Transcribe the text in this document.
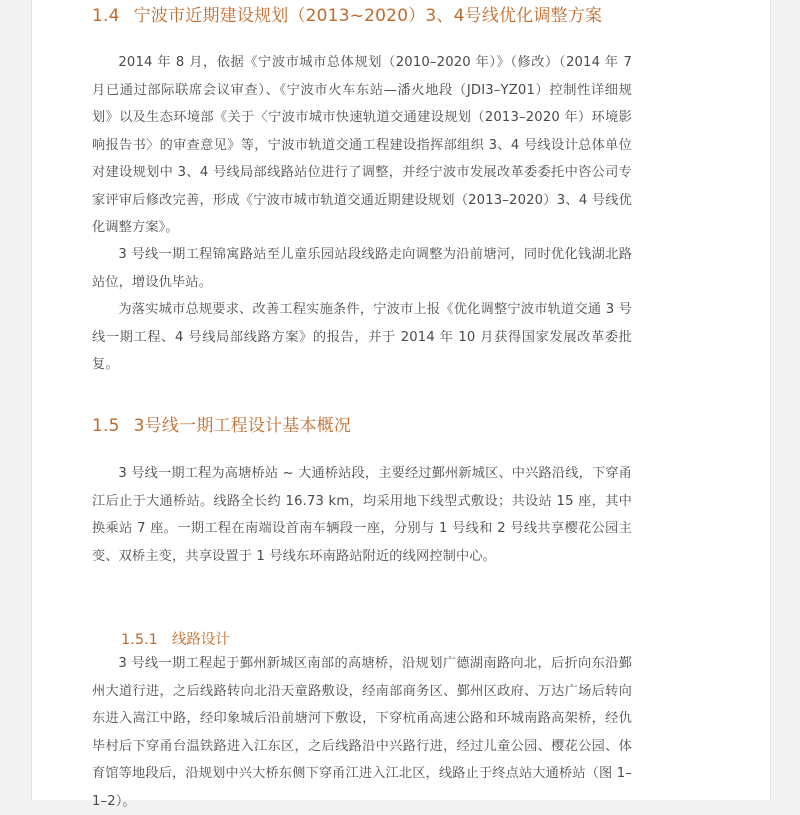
1.4 宁波市近期建设规划（2013~2020）3、4号线优化调整方案

2014 年 8 月，依据《宁波市城市总体规划（2010–2020 年）》（修改）（2014 年 7 月已通过部际联席会议审查）、《宁波市火车东站—潘火地段（JDI3–YZ01）控制性详细规划》以及生态环境部《关于〈宁波市城市快速轨道交通建设规划（2013–2020 年）环境影响报告书〉的审查意见》等，宁波市轨道交通工程建设指挥部组织 3、4 号线设计总体单位对建设规划中 3、4 号线局部线路站位进行了调整，并经宁波市发展改革委委托中咨公司专家评审后修改完善，形成《宁波市城市轨道交通近期建设规划（2013–2020）3、4 号线优化调整方案》。

3 号线一期工程锦寓路站至儿童乐园站段线路走向调整为沿前塘河，同时优化钱湖北路站位，增设仇毕站。

为落实城市总规要求、改善工程实施条件，宁波市上报《优化调整宁波市轨道交通 3 号线一期工程、4 号线局部线路方案》的报告，并于 2014 年 10 月获得国家发展改革委批复。

1.5 3号线一期工程设计基本概况

3 号线一期工程为高塘桥站 ~ 大通桥站段，主要经过鄞州新城区、中兴路沿线，下穿甬江后止于大通桥站。线路全长约 16.73 km，均采用地下线型式敷设；共设站 15 座，其中换乘站 7 座。一期工程在南端设首南车辆段一座，分别与 1 号线和 2 号线共享樱花公园主变、双桥主变，共享设置于 1 号线东环南路站附近的线网控制中心。

1.5.1 线路设计

3 号线一期工程起于鄞州新城区南部的高塘桥，沿规划广德湖南路向北，后折向东沿鄞州大道行进，之后线路转向北沿天童路敷设，经南部商务区、鄞州区政府、万达广场后转向东进入嵩江中路，经印象城后沿前塘河下敷设，下穿杭甬高速公路和环城南路高架桥，经仇毕村后下穿甬台温铁路进入江东区，之后线路沿中兴路行进，经过儿童公园、樱花公园、体育馆等地段后，沿规划中兴大桥东侧下穿甬江进入江北区，线路止于终点站大通桥站（图 1–1–2）。
